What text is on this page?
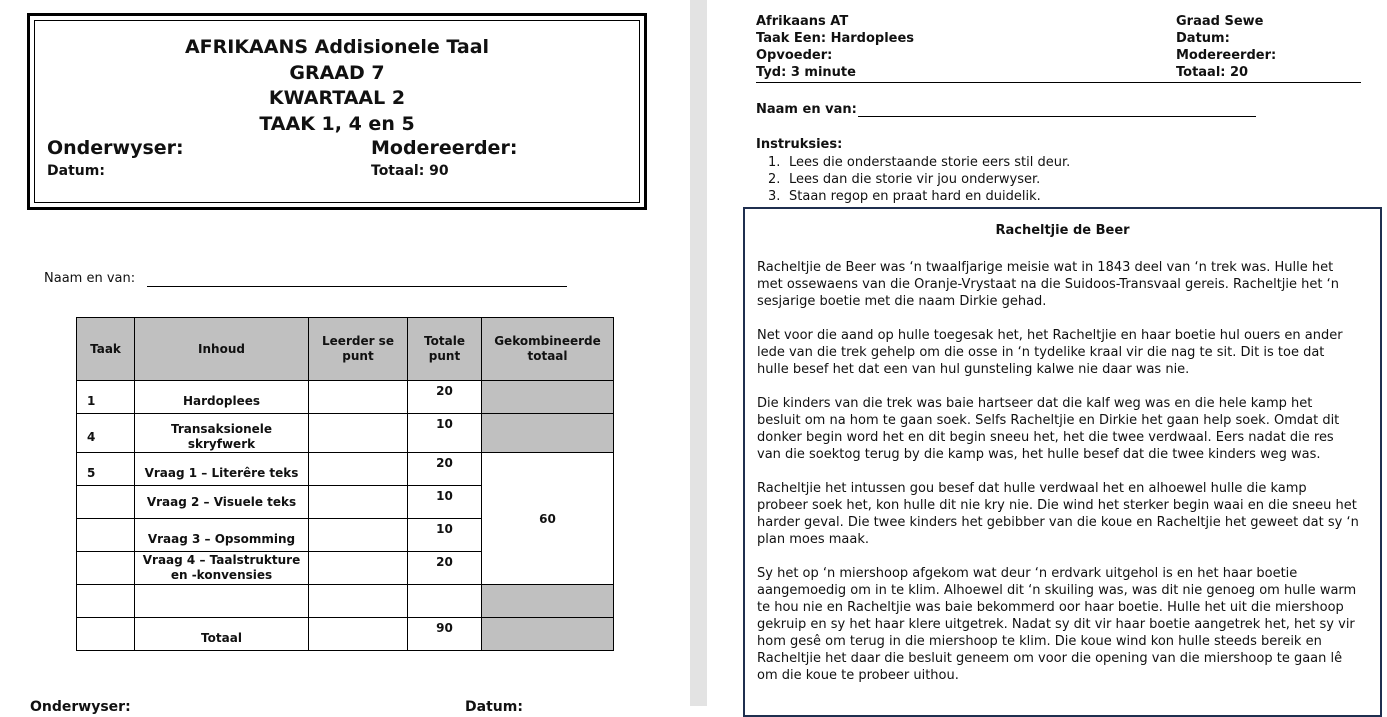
AFRIKAANS Addisionele Taal
GRAAD 7
KWARTAAL 2
TAAK 1, 4 en 5
Onderwyser:	Modereerder:
Datum:	Totaal: 90
Naam en van:
Taak	Inhoud	Leerder se punt	Totale punt	Gekombineerde totaal
1	Hardoplees		20	
4	Transaksionele skryfwerk		10	
5	Vraag 1 – Literêre teks		20	60
	Vraag 2 – Visuele teks		10	
	Vraag 3 – Opsomming		10	
	Vraag 4 – Taalstrukture en -konvensies		20	

	Totaal		90	
Onderwyser:	Datum:
Afrikaans AT
Taak Een: Hardoplees
Opvoeder:
Tyd: 3 minute
Graad Sewe
Datum:
Modereerder:
Totaal: 20
Naam en van:
Instruksies:
1. Lees die onderstaande storie eers stil deur.
2. Lees dan die storie vir jou onderwyser.
3. Staan regop en praat hard en duidelik.
Racheltjie de Beer

Racheltjie de Beer was ‘n twaalfjarige meisie wat in 1843 deel van ‘n trek was. Hulle het met ossewaens van die Oranje-Vrystaat na die Suidoos-Transvaal gereis. Racheltjie het ‘n sesjarige boetie met die naam Dirkie gehad.

Net voor die aand op hulle toegesak het, het Racheltjie en haar boetie hul ouers en ander lede van die trek gehelp om die osse in ‘n tydelike kraal vir die nag te sit. Dit is toe dat hulle besef het dat een van hul gunsteling kalwe nie daar was nie.

Die kinders van die trek was baie hartseer dat die kalf weg was en die hele kamp het besluit om na hom te gaan soek. Selfs Racheltjie en Dirkie het gaan help soek. Omdat dit donker begin word het en dit begin sneeu het, het die twee verdwaal. Eers nadat die res van die soektog terug by die kamp was, het hulle besef dat die twee kinders weg was.

Racheltjie het intussen gou besef dat hulle verdwaal het en alhoewel hulle die kamp probeer soek het, kon hulle dit nie kry nie. Die wind het sterker begin waai en die sneeu het harder geval. Die twee kinders het gebibber van die koue en Racheltjie het geweet dat sy ‘n plan moes maak.

Sy het op ‘n miershoop afgekom wat deur ‘n erdvark uitgehol is en het haar boetie aangemoedig om in te klim. Alhoewel dit ‘n skuiling was, was dit nie genoeg om hulle warm te hou nie en Racheltjie was baie bekommerd oor haar boetie. Hulle het uit die miershoop gekruip en sy het haar klere uitgetrek. Nadat sy dit vir haar boetie aangetrek het, het sy vir hom gesê om terug in die miershoop te klim. Die koue wind kon hulle steeds bereik en Racheltjie het daar die besluit geneem om voor die opening van die miershoop te gaan lê om die koue te probeer uithou.
